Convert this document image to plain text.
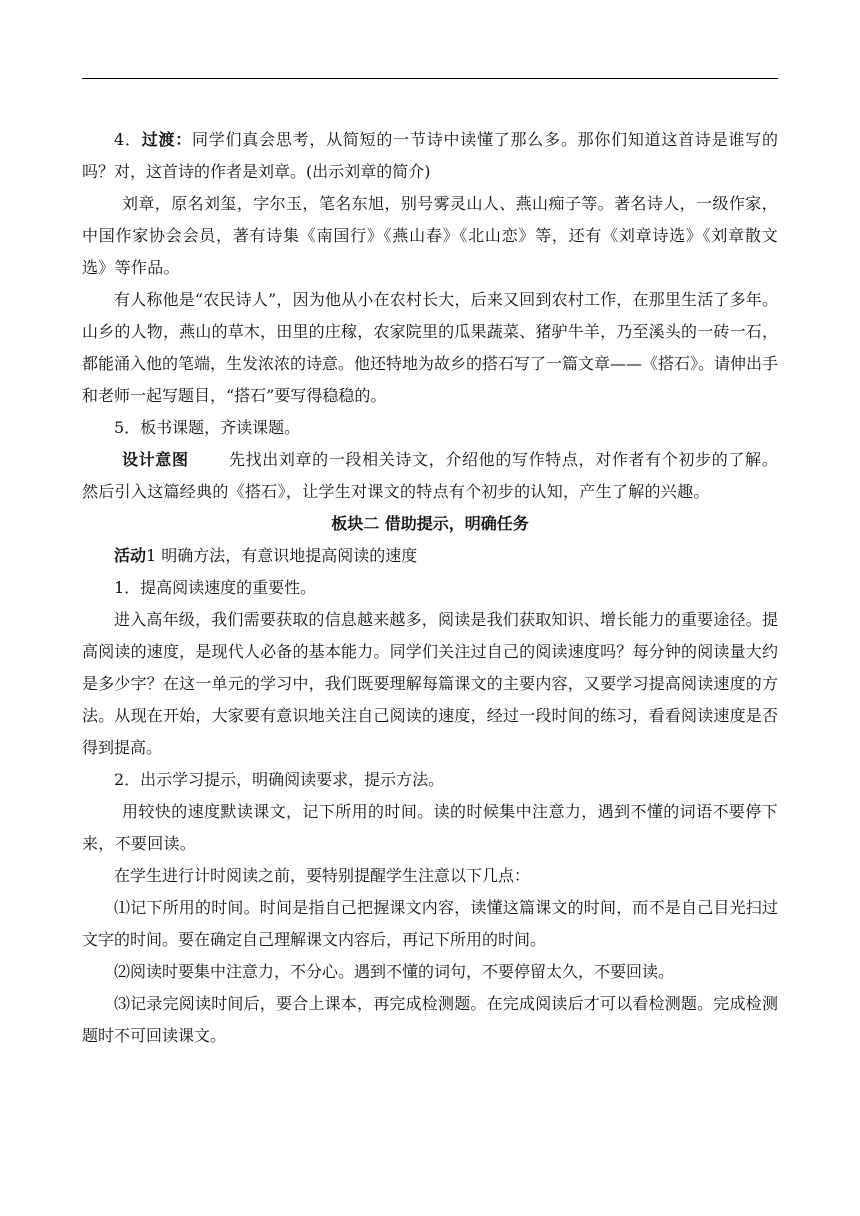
4．过渡：同学们真会思考，从简短的一节诗中读懂了那么多。那你们知道这首诗是谁写的吗？对，这首诗的作者是刘章。(出示刘章的简介)

刘章，原名刘玺，字尔玉，笔名东旭，别号雾灵山人、燕山痴子等。著名诗人，一级作家，中国作家协会会员，著有诗集《南国行》《燕山春》《北山恋》等，还有《刘章诗选》《刘章散文选》等作品。

有人称他是“农民诗人”，因为他从小在农村长大，后来又回到农村工作，在那里生活了多年。山乡的人物，燕山的草木，田里的庄稼，农家院里的瓜果蔬菜、猪驴牛羊，乃至溪头的一砖一石，都能涌入他的笔端，生发浓浓的诗意。他还特地为故乡的搭石写了一篇文章——《搭石》。请伸出手和老师一起写题目，“搭石”要写得稳稳的。

5．板书课题，齐读课题。

设计意图	先找出刘章的一段相关诗文，介绍他的写作特点，对作者有个初步的了解。然后引入这篇经典的《搭石》，让学生对课文的特点有个初步的认知，产生了解的兴趣。

板块二 借助提示，明确任务

活动1 明确方法，有意识地提高阅读的速度

1．提高阅读速度的重要性。

进入高年级，我们需要获取的信息越来越多，阅读是我们获取知识、增长能力的重要途径。提高阅读的速度，是现代人必备的基本能力。同学们关注过自己的阅读速度吗？每分钟的阅读量大约是多少字？在这一单元的学习中，我们既要理解每篇课文的主要内容，又要学习提高阅读速度的方法。从现在开始，大家要有意识地关注自己阅读的速度，经过一段时间的练习，看看阅读速度是否得到提高。

2．出示学习提示，明确阅读要求，提示方法。

用较快的速度默读课文，记下所用的时间。读的时候集中注意力，遇到不懂的词语不要停下来，不要回读。

在学生进行计时阅读之前，要特别提醒学生注意以下几点：

⑴记下所用的时间。时间是指自己把握课文内容，读懂这篇课文的时间，而不是自己目光扫过文字的时间。要在确定自己理解课文内容后，再记下所用的时间。

⑵阅读时要集中注意力，不分心。遇到不懂的词句，不要停留太久，不要回读。

⑶记录完阅读时间后，要合上课本，再完成检测题。在完成阅读后才可以看检测题。完成检测题时不可回读课文。
